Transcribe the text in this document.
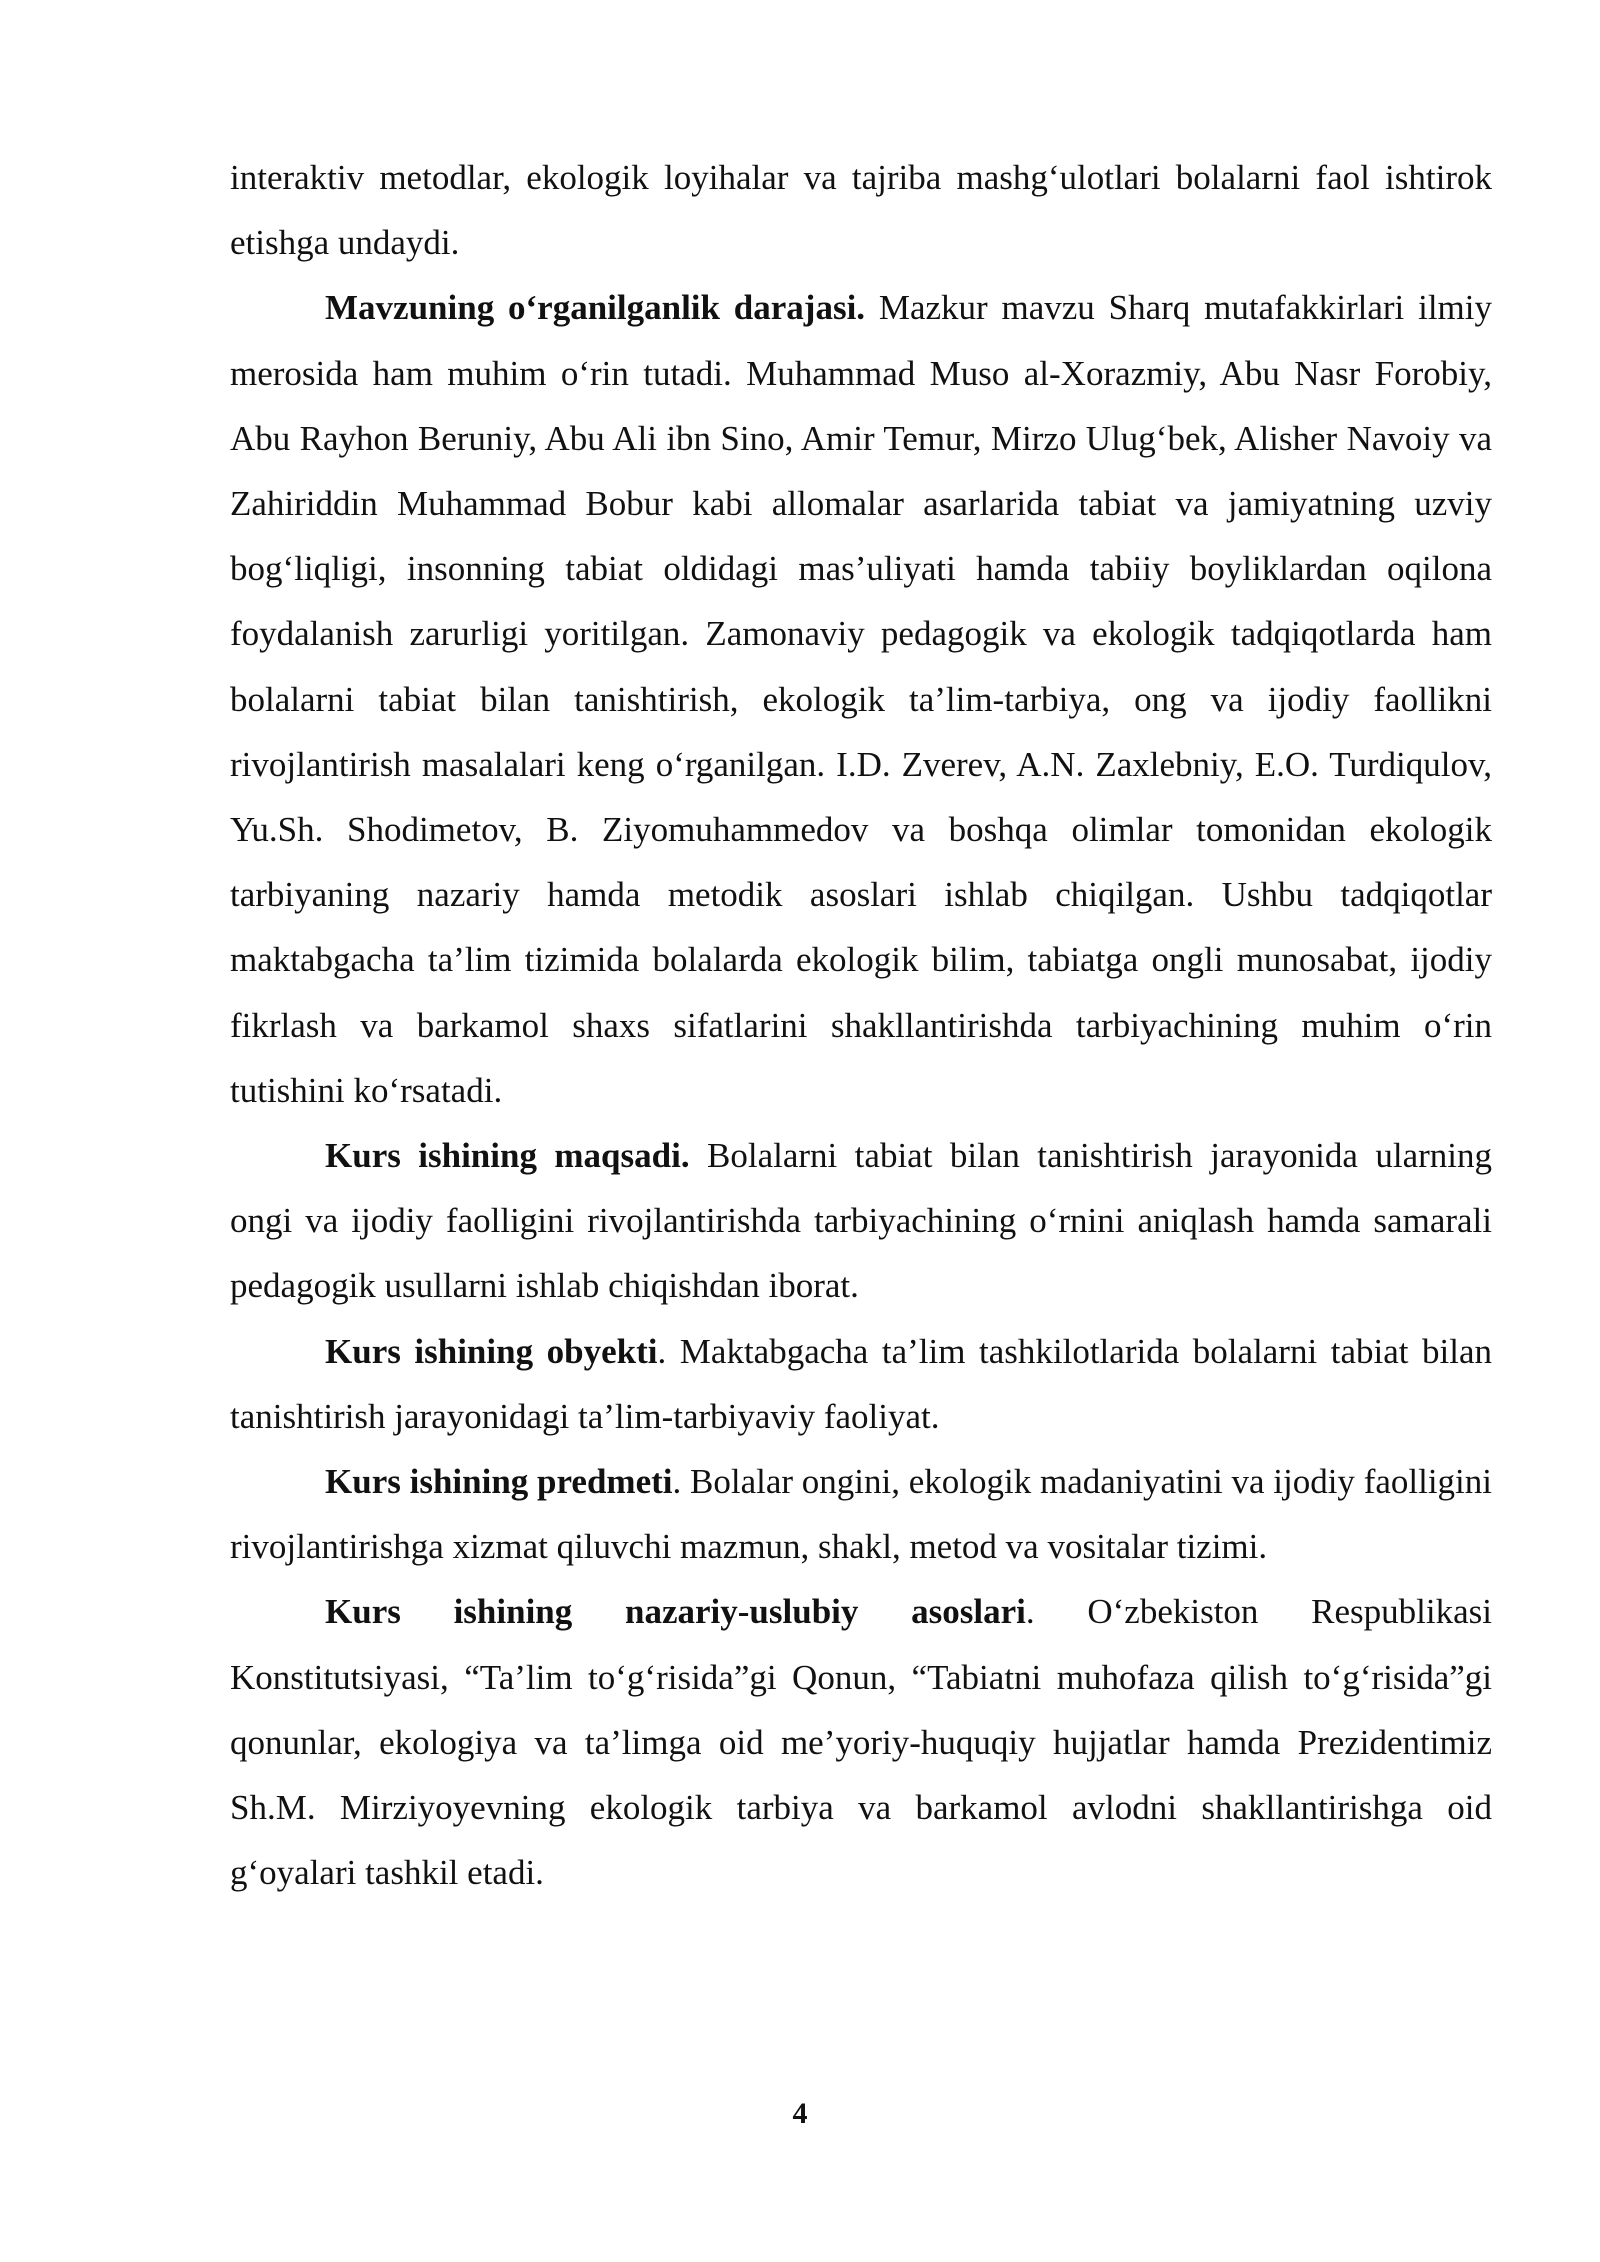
interaktiv metodlar, ekologik loyihalar va tajriba mashg‘ulotlari bolalarni faol ishtirok etishga undaydi.

Mavzuning o‘rganilganlik darajasi. Mazkur mavzu Sharq mutafakkirlari ilmiy merosida ham muhim o‘rin tutadi. Muhammad Muso al-Xorazmiy, Abu Nasr Forobiy, Abu Rayhon Beruniy, Abu Ali ibn Sino, Amir Temur, Mirzo Ulug‘bek, Alisher Navoiy va Zahiriddin Muhammad Bobur kabi allomalar asarlarida tabiat va jamiyatning uzviy bog‘liqligi, insonning tabiat oldidagi mas’uliyati hamda tabiiy boyliklardan oqilona foydalanish zarurligi yoritilgan. Zamonaviy pedagogik va ekologik tadqiqotlarda ham bolalarni tabiat bilan tanishtirish, ekologik ta’lim-tarbiya, ong va ijodiy faollikni rivojlantirish masalalari keng o‘rganilgan. I.D. Zverev, A.N. Zaxlebniy, E.O. Turdiqulov, Yu.Sh. Shodimetov, B. Ziyomuhammedov va boshqa olimlar tomonidan ekologik tarbiyaning nazariy hamda metodik asoslari ishlab chiqilgan. Ushbu tadqiqotlar maktabgacha ta’lim tizimida bolalarda ekologik bilim, tabiatga ongli munosabat, ijodiy fikrlash va barkamol shaxs sifatlarini shakllantirishda tarbiyachining muhim o‘rin tutishini ko‘rsatadi.

Kurs ishining maqsadi. Bolalarni tabiat bilan tanishtirish jarayonida ularning ongi va ijodiy faolligini rivojlantirishda tarbiyachining o‘rnini aniqlash hamda samarali pedagogik usullarni ishlab chiqishdan iborat.

Kurs ishining obyekti. Maktabgacha ta’lim tashkilotlarida bolalarni tabiat bilan tanishtirish jarayonidagi ta’lim-tarbiyaviy faoliyat.

Kurs ishining predmeti. Bolalar ongini, ekologik madaniyatini va ijodiy faolligini rivojlantirishga xizmat qiluvchi mazmun, shakl, metod va vositalar tizimi.

Kurs ishining nazariy-uslubiy asoslari. O‘zbekiston Respublikasi Konstitutsiyasi, “Ta’lim to‘g‘risida”gi Qonun, “Tabiatni muhofaza qilish to‘g‘risida”gi qonunlar, ekologiya va ta’limga oid me’yoriy-huquqiy hujjatlar hamda Prezidentimiz Sh.M. Mirziyoyevning ekologik tarbiya va barkamol avlodni shakllantirishga oid g‘oyalari tashkil etadi.

4
